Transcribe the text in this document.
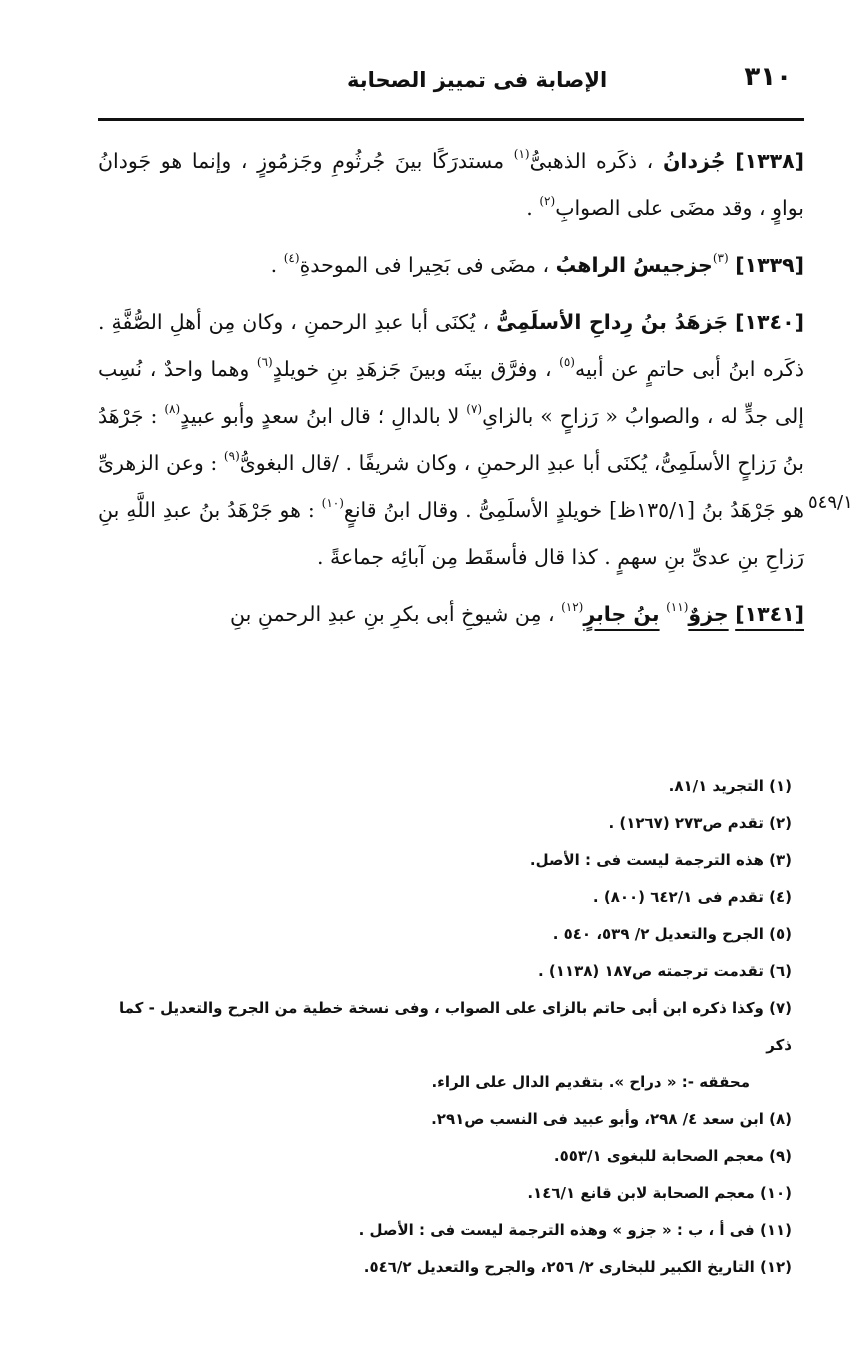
٣١٠
الإصابة فى تمييز الصحابة
٥٤٩/١

[١٣٣٨] جُزدانُ ، ذكَره الذهبىُّ$^{(١)}$ مستدرَكًا بينَ جُرثُومِ وجَزمُوزٍ ، وإنما هو جَودانُ بواوٍ ، وقد مضَى على الصوابِ$^{(٢)}$ .

[١٣٣٩] $^{(٣)}$جزجيسُ الراهبُ ، مضَى فى بَحِيرا فى الموحدةِ$^{(٤)}$ .

[١٣٤٠] جَزهَدُ بنُ رِداحِ الأسلَمِىُّ ، يُكنَى أبا عبدِ الرحمنِ ، وكان مِن أهلِ الصُّفَّةِ . ذكَره ابنُ أبى حاتمٍ عن أبيه$^{(٥)}$ ، وفرَّق بينَه وبينَ جَزهَدِ بنِ خويلدٍ$^{(٦)}$ وهما واحدٌ ، نُسِب إلى جدٍّ له ، والصوابُ « رَزاحٍ » بالزاىِ$^{(٧)}$ لا بالدالِ ؛ قال ابنُ سعدٍ وأبو عبيدٍ$^{(٨)}$ : جَرْهَدُ بنُ رَزاحٍ الأسلَمِىُّ، يُكنَى أبا عبدِ الرحمنِ ، وكان شريفًا . /قال البغوىُّ$^{(٩)}$ : وعن الزهرىِّ هو جَرْهَدُ بنُ [١٣٥/١ظ] خويلدٍ الأسلَمِىُّ . وقال ابنُ قانعٍ$^{(١٠)}$ : هو جَرْهَدُ بنُ عبدِ اللَّهِ بنِ رَزاحِ بنِ عدىِّ بنِ سهمٍ . كذا قال فأسقَط مِن آبائِه جماعةً .

[١٣٤١] جزوٌ$^{(١١)}$ بنُ جابرٍ$^{(١٢)}$ ، مِن شيوخِ أبى بكرِ بنِ عبدِ الرحمنِ بنِ

(١) التجريد ٨١/١.

(٢) تقدم ص٢٧٣ (١٢٦٧) .

(٣) هذه الترجمة ليست فى : الأصل.

(٤) تقدم فى ٦٤٢/١ (٨٠٠) .

(٥) الجرح والتعديل ٢/ ٥٣٩، ٥٤٠ .

(٦) تقدمت ترجمته ص١٨٧ (١١٣٨) .

(٧) وكذا ذكره ابن أبى حاتم بالزاى على الصواب ، وفى نسخة خطية من الجرح والتعديل - كما ذكر
محققه -: « دراح ». بتقديم الدال على الراء.

(٨) ابن سعد ٤/ ٢٩٨، وأبو عبيد فى النسب ص٢٩١.

(٩) معجم الصحابة للبغوى ٥٥٣/١.

(١٠) معجم الصحابة لابن قانع ١٤٦/١.

(١١) فى أ ، ب : « جزو » وهذه الترجمة ليست فى : الأصل .

(١٢) التاريخ الكبير للبخارى ٢/ ٢٥٦، والجرح والتعديل ٥٤٦/٢.
